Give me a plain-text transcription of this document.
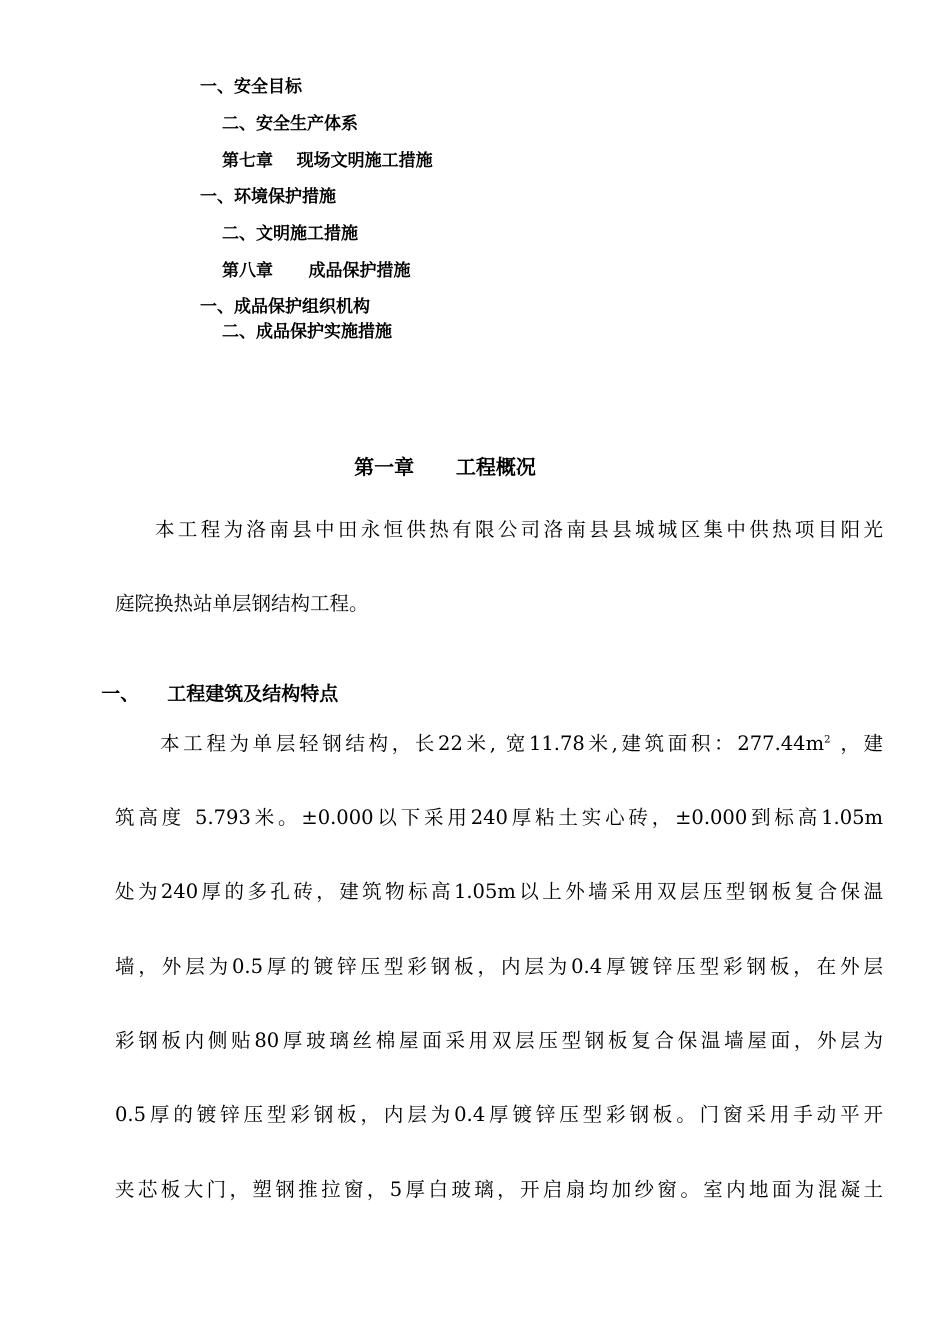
一、安全目标
二、安全生产体系
第七章    现场文明施工措施
一、环境保护措施
二、文明施工措施
第八章      成品保护措施
一、成品保护组织机构
二、成品保护实施措施
第一章      工程概况
本工程为洛南县中田永恒供热有限公司洛南县县城城区集中供热项目阳光
庭院换热站单层钢结构工程。

一、 工程建筑及结构特点

本工程为单层轻钢结构，长22米, 宽11.78米,建筑面积：$277.44m^2$ ，建
筑高度 5.793米。±0.000以下采用240厚粘土实心砖，±0.000到标高1.05m
处为240厚的多孔砖，建筑物标高1.05m以上外墙采用双层压型钢板复合保温
墙，外层为0.5厚的镀锌压型彩钢板，内层为0.4厚镀锌压型彩钢板，在外层
彩钢板内侧贴80厚玻璃丝棉屋面采用双层压型钢板复合保温墙屋面，外层为
0.5厚的镀锌压型彩钢板，内层为0.4厚镀锌压型彩钢板。门窗采用手动平开
夹芯板大门，塑钢推拉窗，5厚白玻璃，开启扇均加纱窗。室内地面为混凝土
